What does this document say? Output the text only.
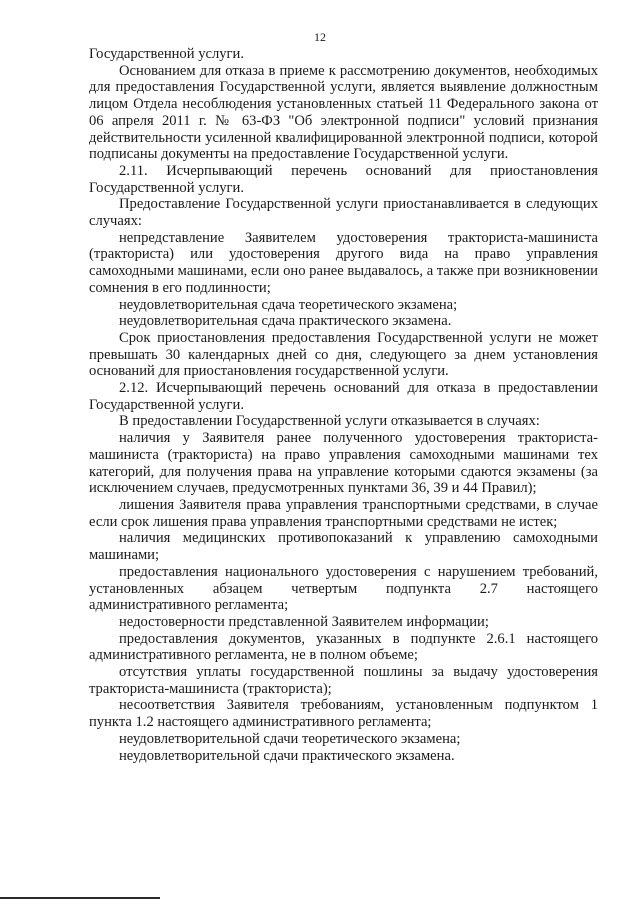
12

Государственной услуги.

Основанием для отказа в приеме к рассмотрению документов, необходимых для предоставления Государственной услуги, является выявление должностным лицом Отдела несоблюдения установленных статьей 11 Федерального закона от 06 апреля 2011 г. № 63-ФЗ "Об электронной подписи" условий признания действительности усиленной квалифицированной электронной подписи, которой подписаны документы на предоставление Государственной услуги.

2.11. Исчерпывающий перечень оснований для приостановления Государственной услуги.

Предоставление Государственной услуги приостанавливается в следующих случаях:

непредставление Заявителем удостоверения тракториста-машиниста (тракториста) или удостоверения другого вида на право управления самоходными машинами, если оно ранее выдавалось, а также при возникновении сомнения в его подлинности;

неудовлетворительная сдача теоретического экзамена;

неудовлетворительная сдача практического экзамена.

Срок приостановления предоставления Государственной услуги не может превышать 30 календарных дней со дня, следующего за днем установления оснований для приостановления государственной услуги.

2.12. Исчерпывающий перечень оснований для отказа в предоставлении Государственной услуги.

В предоставлении Государственной услуги отказывается в случаях:

наличия у Заявителя ранее полученного удостоверения тракториста-машиниста (тракториста) на право управления самоходными машинами тех категорий, для получения права на управление которыми сдаются экзамены (за исключением случаев, предусмотренных пунктами 36, 39 и 44 Правил);

лишения Заявителя права управления транспортными средствами, в случае если срок лишения права управления транспортными средствами не истек;

наличия медицинских противопоказаний к управлению самоходными машинами;

предоставления национального удостоверения с нарушением требований, установленных абзацем четвертым подпункта 2.7 настоящего административного регламента;

недостоверности представленной Заявителем информации;

предоставления документов, указанных в подпункте 2.6.1 настоящего административного регламента, не в полном объеме;

отсутствия уплаты государственной пошлины за выдачу удостоверения тракториста-машиниста (тракториста);

несоответствия Заявителя требованиям, установленным подпунктом 1 пункта 1.2 настоящего административного регламента;

неудовлетворительной сдачи теоретического экзамена;

неудовлетворительной сдачи практического экзамена.
